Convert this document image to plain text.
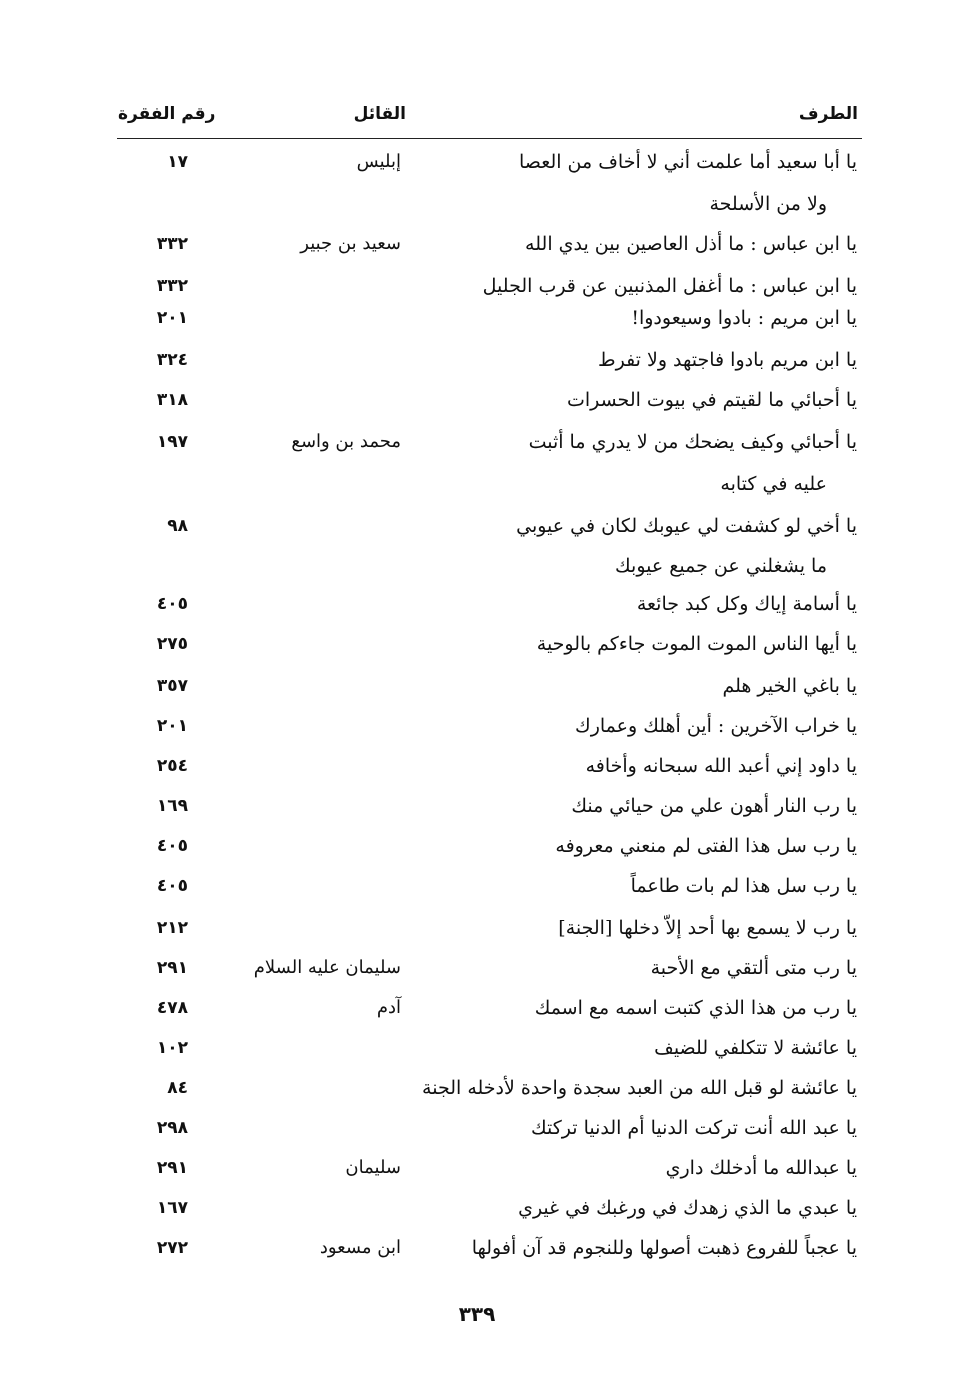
الطرف
القائل
رقم الفقرة
يا أبا سعيد أما علمت أني لا أخاف من العصا
إبليس
١٧
ولا من الأسلحة
يا ابن عباس : ما أذل العاصين بين يدي الله
سعيد بن جبير
٣٣٢
يا ابن عباس : ما أغفل المذنبين عن قرب الجليل
٣٣٢
يا ابن مريم : بادوا وسيعودوا!
٢٠١
يا ابن مريم بادوا فاجتهد ولا تفرط
٣٢٤
يا أحبائي ما لقيتم في بيوت الحسرات
٣١٨
يا أحبائي وكيف يضحك من لا يدري ما أثبت
محمد بن واسع
١٩٧
عليه في كتابه
يا أخي لو كشفت لي عيوبك لكان في عيوبي
٩٨
ما يشغلني عن جميع عيوبك
يا أسامة إياك وكل كبد جائعة
٤٠٥
يا أيها الناس الموت الموت جاءكم بالوحية
٢٧٥
يا باغي الخير هلم
٣٥٧
يا خراب الآخرين : أين أهلك وعمارك
٢٠١
يا داود إني أعبد الله سبحانه وأخافه
٢٥٤
يا رب النار أهون علي من حيائي منك
١٦٩
يا رب سل هذا الفتى لم منعني معروفه
٤٠٥
يا رب سل هذا لم بات طاعماً
٤٠٥
يا رب لا يسمع بها أحد إلاّ دخلها [الجنة]
٢١٢
يا رب متى ألتقي مع الأحبة
سليمان عليه السلام
٢٩١
يا رب من هذا الذي كتبت اسمه مع اسمك
آدم
٤٧٨
يا عائشة لا تتكلفي للضيف
١٠٢
يا عائشة لو قبل الله من العبد سجدة واحدة لأدخله الجنة
٨٤
يا عبد الله أنت تركت الدنيا أم الدنيا تركتك
٢٩٨
يا عبدالله ما أدخلك داري
سليمان
٢٩١
يا عبدي ما الذي زهدك في ورغبك في غيري
١٦٧
يا عجباً للفروع ذهبت أصولها وللنجوم قد آن أفولها
ابن مسعود
٢٧٢
٣٣٩
